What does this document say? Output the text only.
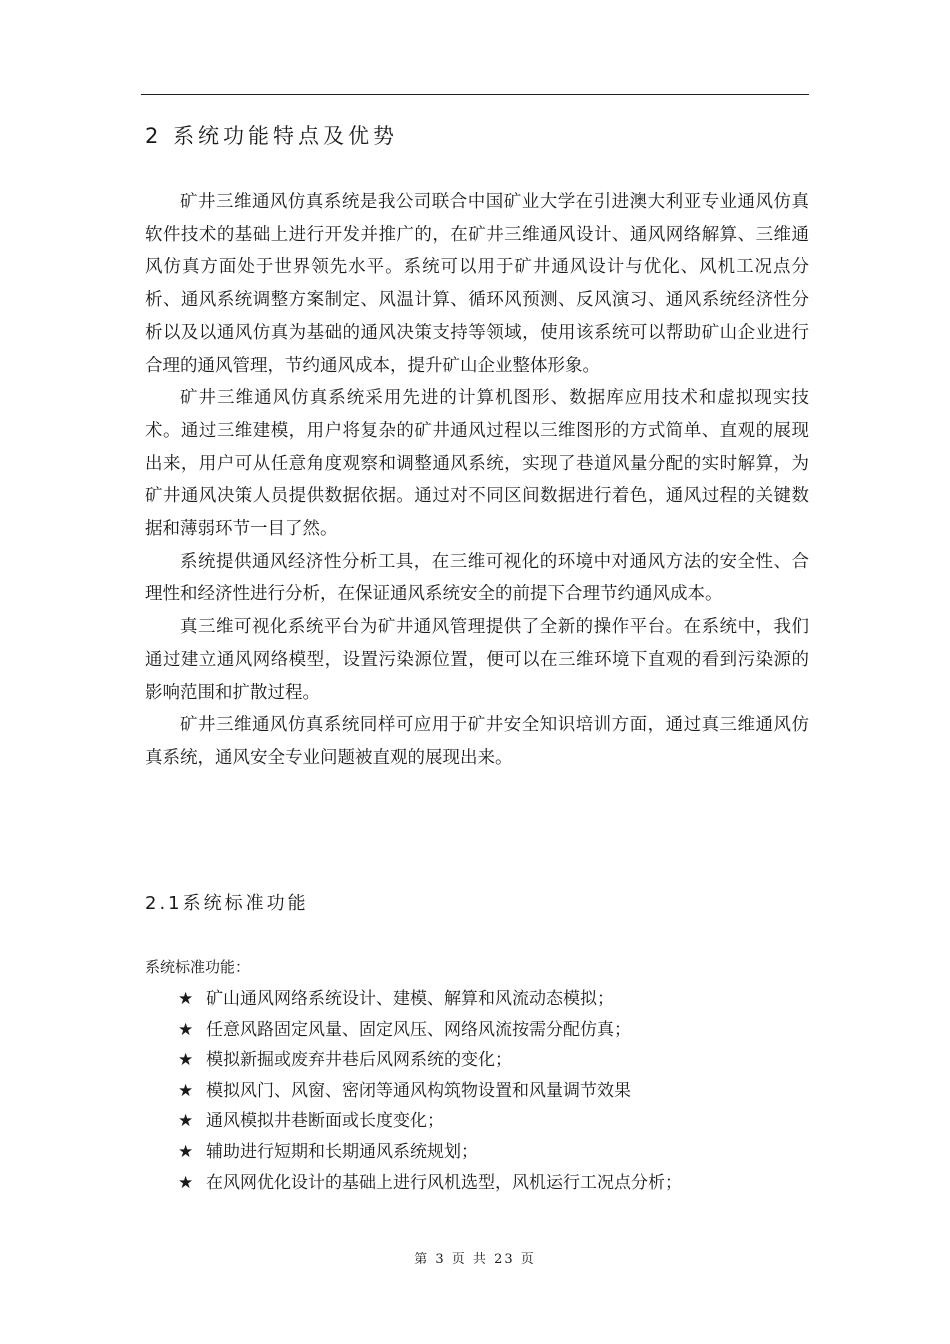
2 系统功能特点及优势

矿井三维通风仿真系统是我公司联合中国矿业大学在引进澳大利亚专业通风仿真软件技术的基础上进行开发并推广的，在矿井三维通风设计、通风网络解算、三维通风仿真方面处于世界领先水平。系统可以用于矿井通风设计与优化、风机工况点分析、通风系统调整方案制定、风温计算、循环风预测、反风演习、通风系统经济性分析以及以通风仿真为基础的通风决策支持等领域，使用该系统可以帮助矿山企业进行合理的通风管理，节约通风成本，提升矿山企业整体形象。

矿井三维通风仿真系统采用先进的计算机图形、数据库应用技术和虚拟现实技术。通过三维建模，用户将复杂的矿井通风过程以三维图形的方式简单、直观的展现出来，用户可从任意角度观察和调整通风系统，实现了巷道风量分配的实时解算，为矿井通风决策人员提供数据依据。通过对不同区间数据进行着色，通风过程的关键数据和薄弱环节一目了然。

系统提供通风经济性分析工具，在三维可视化的环境中对通风方法的安全性、合理性和经济性进行分析，在保证通风系统安全的前提下合理节约通风成本。

真三维可视化系统平台为矿井通风管理提供了全新的操作平台。在系统中，我们通过建立通风网络模型，设置污染源位置，便可以在三维环境下直观的看到污染源的影响范围和扩散过程。

矿井三维通风仿真系统同样可应用于矿井安全知识培训方面，通过真三维通风仿真系统，通风安全专业问题被直观的展现出来。

2.1系统标准功能
系统标准功能：
★ 矿山通风网络系统设计、建模、解算和风流动态模拟；
★ 任意风路固定风量、固定风压、网络风流按需分配仿真；
★ 模拟新掘或废弃井巷后风网系统的变化；
★ 模拟风门、风窗、密闭等通风构筑物设置和风量调节效果
★ 通风模拟井巷断面或长度变化；
★ 辅助进行短期和长期通风系统规划；
★ 在风网优化设计的基础上进行风机选型，风机运行工况点分析；
第 3 页 共 23 页
